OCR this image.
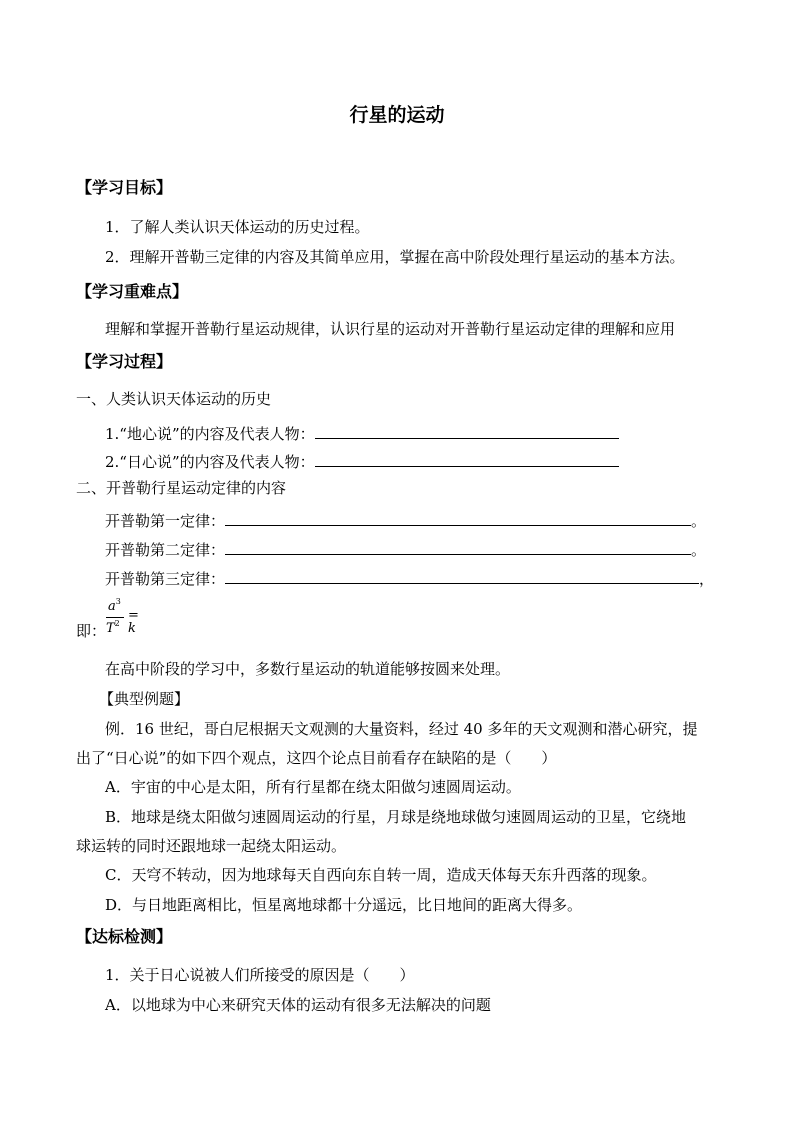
行星的运动
【学习目标】
1．了解人类认识天体运动的历史过程。
2．理解开普勒三定律的内容及其简单应用，掌握在高中阶段处理行星运动的基本方法。
【学习重难点】
理解和掌握开普勒行星运动规律，认识行星的运动对开普勒行星运动定律的理解和应用
【学习过程】
一、人类认识天体运动的历史
1.“地心说”的内容及代表人物：
2.“日心说”的内容及代表人物：
二、开普勒行星运动定律的内容
开普勒第一定律：	。
开普勒第二定律：	。
开普勒第三定律：	，
即：
$a^3$
$T^2$
= k
在高中阶段的学习中，多数行星运动的轨道能够按圆来处理。
【典型例题】
例．16 世纪，哥白尼根据天文观测的大量资料，经过 40 多年的天文观测和潜心研究，提
出了“日心说”的如下四个观点，这四个论点目前看存在缺陷的是（　　）
A．宇宙的中心是太阳，所有行星都在绕太阳做匀速圆周运动。
B．地球是绕太阳做匀速圆周运动的行星，月球是绕地球做匀速圆周运动的卫星，它绕地
球运转的同时还跟地球一起绕太阳运动。
C．天穹不转动，因为地球每天自西向东自转一周，造成天体每天东升西落的现象。
D．与日地距离相比，恒星离地球都十分遥远，比日地间的距离大得多。
【达标检测】
1．关于日心说被人们所接受的原因是（　　）
A．以地球为中心来研究天体的运动有很多无法解决的问题
